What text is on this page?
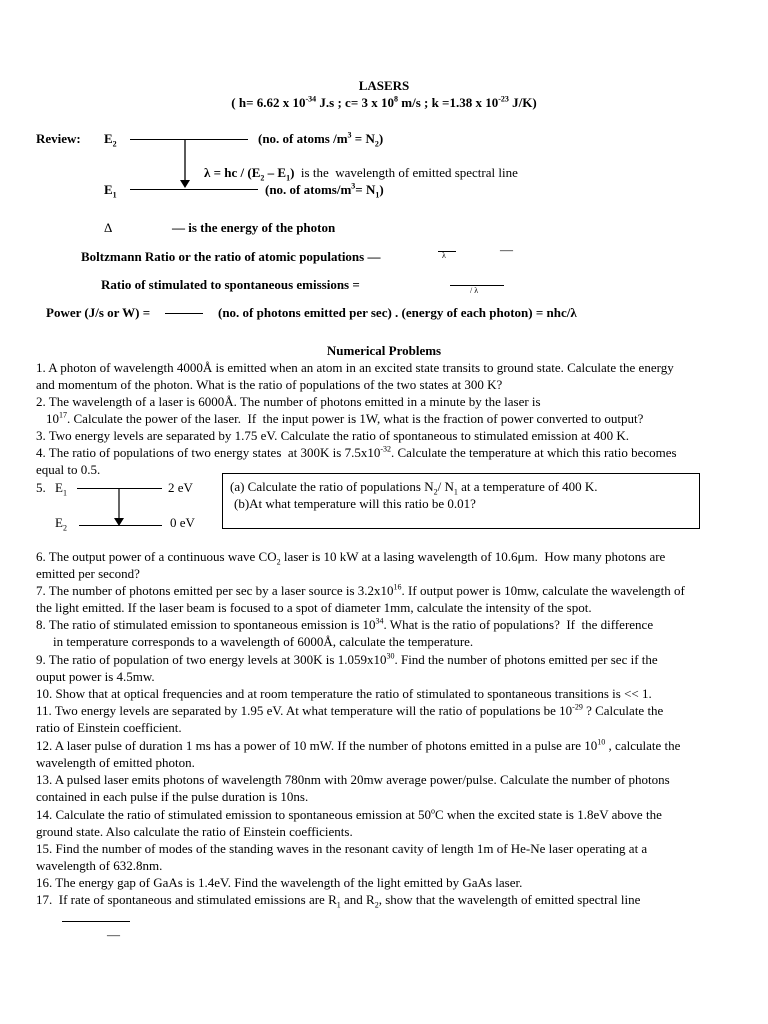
LASERS
( h= 6.62 x $10^{-34}$ J.s ; c= 3 x $10^8$ m/s ; k =1.38 x $10^{-23}$ J/K)
Review: $E_2$	(no. of atoms $/m^3 = N_2$)
λ = hc / $(E_2 - E_1)$  is the  wavelength of emitted spectral line
$E_1$	(no. of atoms/$m^3= N_1$)
Δ	— is the energy of the photon
Boltzmann Ratio or the ratio of atomic populations —	λ	—
Ratio of stimulated to spontaneous emissions =	/ λ
Power (J/s or W) =	(no. of photons emitted per sec) . (energy of each photon) = nhc/λ
Numerical Problems
1. A photon of wavelength 4000Å is emitted when an atom in an excited state transits to ground state. Calculate the energy
and momentum of the photon. What is the ratio of populations of the two states at 300 K?
2. The wavelength of a laser is 6000Å. The number of photons emitted in a minute by the laser is
$10^{17}$. Calculate the power of the laser.  If  the input power is 1W, what is the fraction of power converted to output?
3. Two energy levels are separated by 1.75 eV. Calculate the ratio of spontaneous to stimulated emission at 400 K.
4. The ratio of populations of two energy states  at 300K is $7.5x10^{-32}$. Calculate the temperature at which this ratio becomes
equal to 0.5.
5. $E_1$	2 eV
$E_2$	0 eV
(a) Calculate the ratio of populations $N_2/$ $N_1$ at a temperature of 400 K.
(b)At what temperature will this ratio be 0.01?
6. The output power of a continuous wave $CO_2$ laser is 10 kW at a lasing wavelength of 10.6μm.  How many photons are
emitted per second?
7. The number of photons emitted per sec by a laser source is $3.2x10^{16}$. If output power is 10mw, calculate the wavelength of
the light emitted. If the laser beam is focused to a spot of diameter 1mm, calculate the intensity of the spot.
8. The ratio of stimulated emission to spontaneous emission is $10^{34}$. What is the ratio of populations?  If  the difference
in temperature corresponds to a wavelength of 6000Å, calculate the temperature.
9. The ratio of population of two energy levels at 300K is $1.059x10^{30}$. Find the number of photons emitted per sec if the
ouput power is 4.5mw.
10. Show that at optical frequencies and at room temperature the ratio of stimulated to spontaneous transitions is << 1.
11. Two energy levels are separated by 1.95 eV. At what temperature will the ratio of populations be $10^{-29}$ ? Calculate the
ratio of Einstein coefficient.
12. A laser pulse of duration 1 ms has a power of 10 mW. If the number of photons emitted in a pulse are $10^{10}$ , calculate the
wavelength of emitted photon.
13. A pulsed laser emits photons of wavelength 780nm with 20mw average power/pulse. Calculate the number of photons
contained in each pulse if the pulse duration is 10ns.
14. Calculate the ratio of stimulated emission to spontaneous emission at 50$^o$C when the excited state is 1.8eV above the
ground state. Also calculate the ratio of Einstein coefficients.
15. Find the number of modes of the standing waves in the resonant cavity of length 1m of He-Ne laser operating at a
wavelength of 632.8nm.
16. The energy gap of GaAs is 1.4eV. Find the wavelength of the light emitted by GaAs laser.
17.  If rate of spontaneous and stimulated emissions are $R_1$ and $R_2$, show that the wavelength of emitted spectral line
—
